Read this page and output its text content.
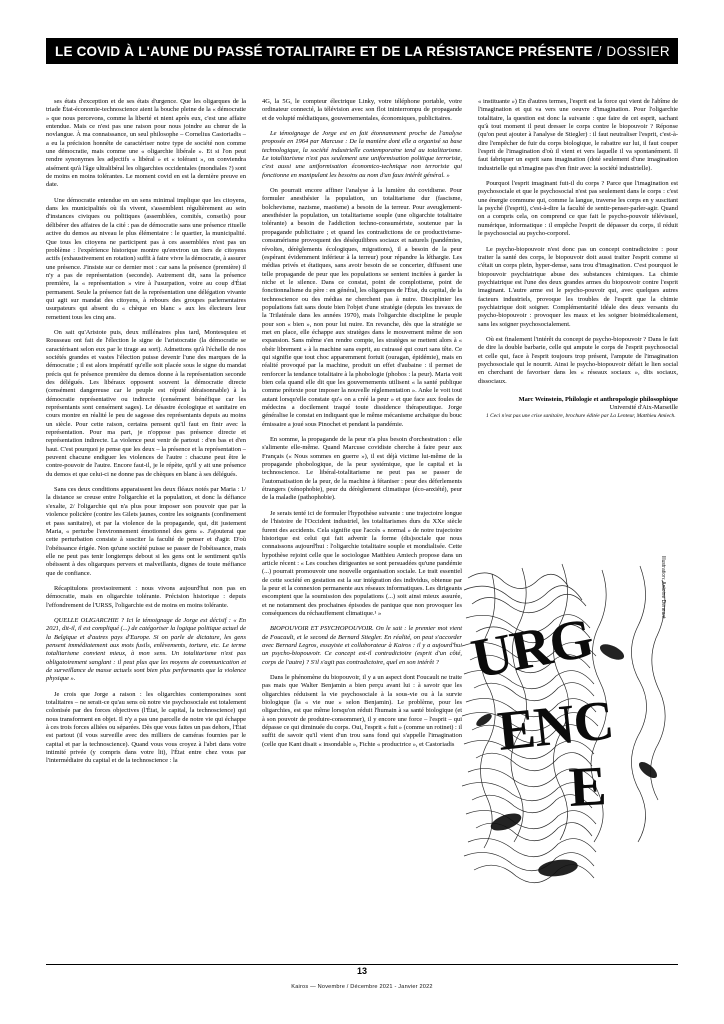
LE COVID À L'AUNE DU PASSÉ TOTALITAIRE ET DE LA RÉSISTANCE PRÉSENTE / DOSSIER

ses états d'exception et de ses états d'urgence. Que les oligarques de la triade État-économie-technoscience aient la bouche pleine de la « démocratie » que nous percevons, comme la liberté et nient après eux, c'est une affaire entendue. Mais ce n'est pas une raison pour nous joindre au chœur de la novlangue. À ma connaissance, un seul philosophe – Cornelius Castoriadis – a eu la précision honnête de caractériser notre type de société non comme une démocratie, mais comme une « oligarchie libérale ». Et si l'on peut rendre synonymes les adjectifs « libéral » et « tolérant », on conviendra aisément qu'à l'âge ultralibéral les oligarchies occidentales (mondiales ?) sont de moins en moins tolérantes. Le moment covid en est la dernière preuve en date.

Une démocratie entendue en un sens minimal implique que les citoyens, dans les municipalités où ils vivent, s'assemblent régulièrement au sein d'instances civiques ou politiques (assemblées, comités, conseils) pour délibérer des affaires de la cité : pas de démocratie sans une présence rituelle active du demos au niveau le plus élémentaire : le quartier, la municipalité. Que tous les citoyens ne participent pas à ces assemblées n'est pas un problème : l'expérience historique montre qu'environ un tiers de citoyens actifs (exhaustivement en rotation) suffit à faire vivre la démocratie, à assurer une présence. J'insiste sur ce dernier mot : car sans la présence (première) il n'y a pas de représentation (seconde). Autrement dit, sans la présence première, la « représentation » vire à l'usurpation, voire au coup d'État permanent. Seule la présence fait de la représentation une délégation vivante qui agit sur mandat des citoyens, à rebours des groupes parlementaires usurpateurs qui absent du « chèque en blanc » aux les électeurs leur remettent tous les cinq ans.

On sait qu'Aristote puis, deux millénaires plus tard, Montesquieu et Rousseau ont fait de l'élection le signe de l'aristocratie (la démocratie se caractérisant selon eux par le tirage au sort). Admettons qu'à l'échelle de nos sociétés grandes et vastes l'élection puisse devenir l'une des marques de la démocratie ; il est alors impératif qu'elle soit placée sous le signe du mandat précis qui fe présence première du demos donne à la représentation seconde des délégués. Les libéraux opposent souvent la démocratie directe (censément dangereuse car le peuple est réputé déraisonnable) à la démocratie représentative ou indirecte (censément bénéfique car les représentants sont censément sages). Le désastre écologique et sanitaire en cours montre en réalité le peu de sagesse des représentants depuis au moins un siècle. Pour cette raison, certains pensent qu'il faut en finir avec la représentation. Pour ma part, je n'oppose pas présence directe et représentation indirecte. La violence peut venir de partout : d'en bas et d'en haut. C'est pourquoi je pense que les deux – la présence et la représentation – peuvent chacune endiguer les violences de l'autre : chacune peut être le contre-pouvoir de l'autre. Encore faut-il, je le répète, qu'il y ait une présence du demos et que celui-ci ne donne pas de chèques en blanc à ses délégués.

Sans ces deux conditions apparaissent les deux fléaux notés par Maria : 1/ la distance se creuse entre l'oligarchie et la population, et donc la défiance s'exalte, 2/ l'oligarchie qui n'a plus pour imposer son pouvoir que par la violence policière (contre les Gilets jaunes, contre les soignants (confinement et pass sanitaire), et par la violence de la propagande, qui, dit justement Maria, « perturbe l'environnement émotionnel des gens ». J'ajouterai que cette perturbation consiste à susciter la faculté de penser et d'agir. D'où l'obéissance érigée. Non qu'une société puisse se passer de l'obéissance, mais elle ne peut pas tenir longtemps debout si les gens ont le sentiment qu'ils obéissent à des oligarques pervers et malveillants, dignes de toute méfiance que de confiance.

Récapitulons provisoirement : nous vivons aujourd'hui non pas en démocratie, mais en oligarchie tolérante. Précision historique : depuis l'effondrement de l'URSS, l'oligarchie est de moins en moins tolérante.

QUELLE OLIGARCHIE ? Ici le témoignage de Jorge est décisif : « En 2021, dit-il, il est compliqué (...) de catégoriser la logique politique actuel de la Belgique et d'autres pays d'Europe. Si on parle de dictature, les gens pensent immédiatement aux mots fusils, enlèvements, torture, etc. Le terme totalitarisme convient mieux, à mon sens. Un totalitarisme n'est pas obligatoirement sanglant : il peut plus que les moyens de communication et de surveillance de masse actuels sont bien plus performants que la violence physique ».

Je crois que Jorge a raison : les oligarchies contemporaines sont totalitaires – ne serait-ce qu'au sens où notre vie psychosociale est totalement colonisée par des forces objectives (l'État, le capital, la technoscience) qui nous transforment en objet. Il n'y a pas une parcelle de notre vie qui échappe à ces trois forces alliées ou séparées. Dès que vous faites un pas dehors, l'État est partout (il vous surveille avec des milliers de caméras fournies par le capital et par la technoscience). Quand vous vous croyez à l'abri dans votre intimité privée (y compris dans votre lit), l'État entre chez vous par l'intermédiaire du capital et de la technoscience : la

4G, la 5G, le compteur électrique Linky, votre téléphone portable, votre ordinateur connecté, la télévision avec son flot ininterrompu de propagande et de volupté médiatiques, gouvernementales, économiques, publicitaires.

Le témoignage de Jorge est en fait étonnamment proche de l'analyse proposée en 1964 par Marcuse : De la manière dont elle a organisé sa base technologique, la société industrielle contemporaine tend au totalitarisme. Le totalitarisme n'est pas seulement une uniformisation politique terroriste, c'est aussi une uniformisation économico-technique non terroriste qui fonctionne en manipulant les besoins au nom d'un faux intérêt général. »

On pourrait encore affiner l'analyse à la lumière du covidisme. Pour formuler anesthésier la population, un totalitarisme dur (fascisme, bolchevisme, nazisme, maoïsme) a besoin de la terreur. Pour aveuglement-anesthésier la population, un totalitarisme souple (une oligarchie totalitaire tolérante) a besoin de l'addiction techno-consumériste, soutenue par la propagande publicitaire ; et quand les contradictions de ce productivisme-consumérisme provoquent des déséquilibres sociaux et naturels (pandémies, révoltes, dérèglements écologiques, migrations), il a besoin de la peur (espérant évidemment inférieur à la terreur) pour répandre la léthargie. Les médias privés et étatiques, sans avoir besoin de se concerter, diffusent une telle propagande de peur que les populations se sentent incitées à garder la niche et le silence. Dans ce constat, point de complotisme, point de fonctionnalisme du père : en général, les oligarques de l'État, du capital, de la technoscience ou des médias ne cherchent pas à nuire. Disciplinier les populations fait sans doute bien l'objet d'une stratégie (depuis les travaux de la Trilatérale dans les années 1970), mais l'oligarchie discipline le peuple pour son « bien », non pour lui nuire. En revanche, dès que la stratégie se met en place, elle échappe aux stratèges dans le mouvement même de son expansion. Sans même s'en rendre compte, les stratèges se mettent alors à « obéir librement » à la machine sans esprit, au cuirassé qui court sans tête. Ce qui signifie que tout choc apparemment fortuit (ouragan, épidémie), mais en réalité provoqué par la machine, produit un effet d'aubaine : il permet de renforcer la tendance totalitaire à la phobologie (phobos : la peur). Maria voit bien cela quand elle dit que les gouvernements utilisent « la santé publique comme prétexte pour imposer la nouvelle réglementation ». Anke le voit tout autant lorsqu'elle constate qu'« on a créé la peur » et que face aux foules de médecins a docilement traqué toute dissidence thérapeutique. Jorge généralise le constat en indiquant que le même mécanisme archaïque du bouc émissaire a joué sous Pinochet et pendant la pandémie.

En somme, la propagande de la peur n'a plus besoin d'orchestration : elle s'alimente elle-même. Quand Marcuse covidiste cherche à faire peur aux Français (« Nous sommes en guerre »), il est déjà victime lui-même de la propagande phobologique, de la peur systémique, que le capital et la technoscience. Le libéral-totalitarisme ne peut pas se passer de l'automatisation de la peur, de la machine à fétaniser : peur des déferlements étrangers (xénophobie), peur du dérèglement climatique (éco-anxiété), peur de la maladie (pathophobie).

Je serais tenté ici de formuler l'hypothèse suivante : une trajectoire longue de l'histoire de l'Occident industriel, les totalitarismes durs du XXe siècle furent des accidents. Cela signifie que l'accès « normal » de notre trajectoire historique est celui qui fait advenir la forme (dis)sociale que nous connaissons aujourd'hui : l'oligarchie totalitaire souple et mondialisée. Cette hypothèse rejoint celle que le sociologue Matthieu Amiech propose dans un article récent : « Les couches dirigeantes se sont persuadées qu'une pandémie (...) pourrait promouvoir une nouvelle organisation sociale. Le trait essentiel de cette société en gestation est la sur intégration des individus, obtenue par la peur et la connexion permanente aux réseaux informatiques. Les dirigeants escomptent que la soumission des populations (...) soit ainsi mieux assurée, et ne notamment des prochaines épisodes de panique que non provoquer les conséquences du réchauffement climatique.¹ »

BIOPOUVOIR ET PSYCHOPOUVOIR. On le sait : le premier mot vient de Foucault, et le second de Bernard Stiegler. En réalité, on peut s'accorder avec Bernard Legros, essayiste et collaborateur à Kairos : il y a aujourd'hui un psycho-biopouvoir. Ce concept est-il contradictoire (esprit d'un côté, corps de l'autre) ? S'il s'agit pas contradictoire, quel en son intérêt ?

Dans le phénomène du biopouvoir, il y a un aspect dont Foucault ne traite pas mais que Walter Benjamin a bien perçu avant lui : à savoir que les oligarchies réduisent la vie psychosociale à la sous-vie ou à la survie biologique (la « vie nue » selon Benjamin). Le problème, pour les oligarchies, est que même lorsqu'on réduit l'humain à sa santé biologique (et à son pouvoir de produire-consommer), il y encore une force – l'esprit – qui dépasse ce qui diminuée du corps. Oui, l'esprit « fuit » (comme un rotinet) : il suffit de savoir qu'il vient d'un trou sans fond qui s'appelle l'imagination (celle que Kant disait « insondable », Fichte « productrice », et Castoriadis

« instituante ») En d'autres termes, l'esprit est la force qui vient de l'abîme de l'imagination et qui va vers une oeuvre d'imagination. Pour l'oligarchie totalitaire, la question est donc la suivante : que faire de cet esprit, sachant qu'à tout moment il peut dresser le corps contre le biopouvoir ? Réponse (qu'on peut ajouter à l'analyse de Stiegler) : il faut neutraliser l'esprit, c'est-à-dire l'empêcher de fuir du corps biologique, le rabattre sur lui, il faut couper l'esprit de l'imagination d'où il vient et vers laquelle il va spontanément. Il faut fabriquer un esprit sans imagination (doté seulement d'une imagination industrielle qui n'imagine pas d'en finir avec la société industrielle).

Pourquoi l'esprit imaginant fuit-il du corps ? Parce que l'imagination est psychosociale et que le psychosocial n'est pas seulement dans le corps : c'est une énergie commune qui, comme la langue, traverse les corps en y suscitant la psyché (l'esprit), c'est-à-dire la faculté de sentir-penser-parler-agir. Quand on a compris cela, on comprend ce que fait le psycho-pouvoir télévisuel, numérique, informatique : il empêche l'esprit de dépasser du corps, il réduit le psychosocial au psycho-corporel.

Le psycho-biopouvoir n'est donc pas un concept contradictoire : pour traiter la santé des corps, le biopouvoir doit aussi traiter l'esprit comme si c'était un corps plein, hyper-dense, sans trou d'imagination. C'est pourquoi le biopouvoir psychiatrique abuse des substances chimiques. La chimie psychiatrique est l'une des deux grandes armes du biopouvoir contre l'esprit imaginant. L'autre arme est le psycho-pouvoir qui, avec quelques autres facteurs industriels, provoque les troubles de l'esprit que la chimie psychiatrique doit soigner. Complémentarité idéale des deux versants du psycho-biopouvoir : provoquer les maux et les soigner bioimédicalement, sans les soigner psychosocialement.

Où est finalement l'intérêt du concept de psycho-biopouvoir ? Dans le fait de dire la double barbarie, celle qui ampute le corps de l'esprit psychosocial et celle qui, face à l'esprit toujours trop présent, l'ampute de l'imagination psychosociale qui le nourrit. Ainsi le psycho-biopouvoir défait le lien social en cherchant de favoriser dans les « réseaux sociaux », dits sociaux, dissociaux.

Marc Weinstein, Philologie et anthropologie philosophique
Université d'Aix-Marseille

1 Ceci n'est pas une crise sanitaire, brochure éditée par La Lenteur, Matthieu Amiech.

URG
ENC
E
Illustration: Antoine Deneant
13
Kairos — Novembre / Décembre 2021 - Janvier 2022
